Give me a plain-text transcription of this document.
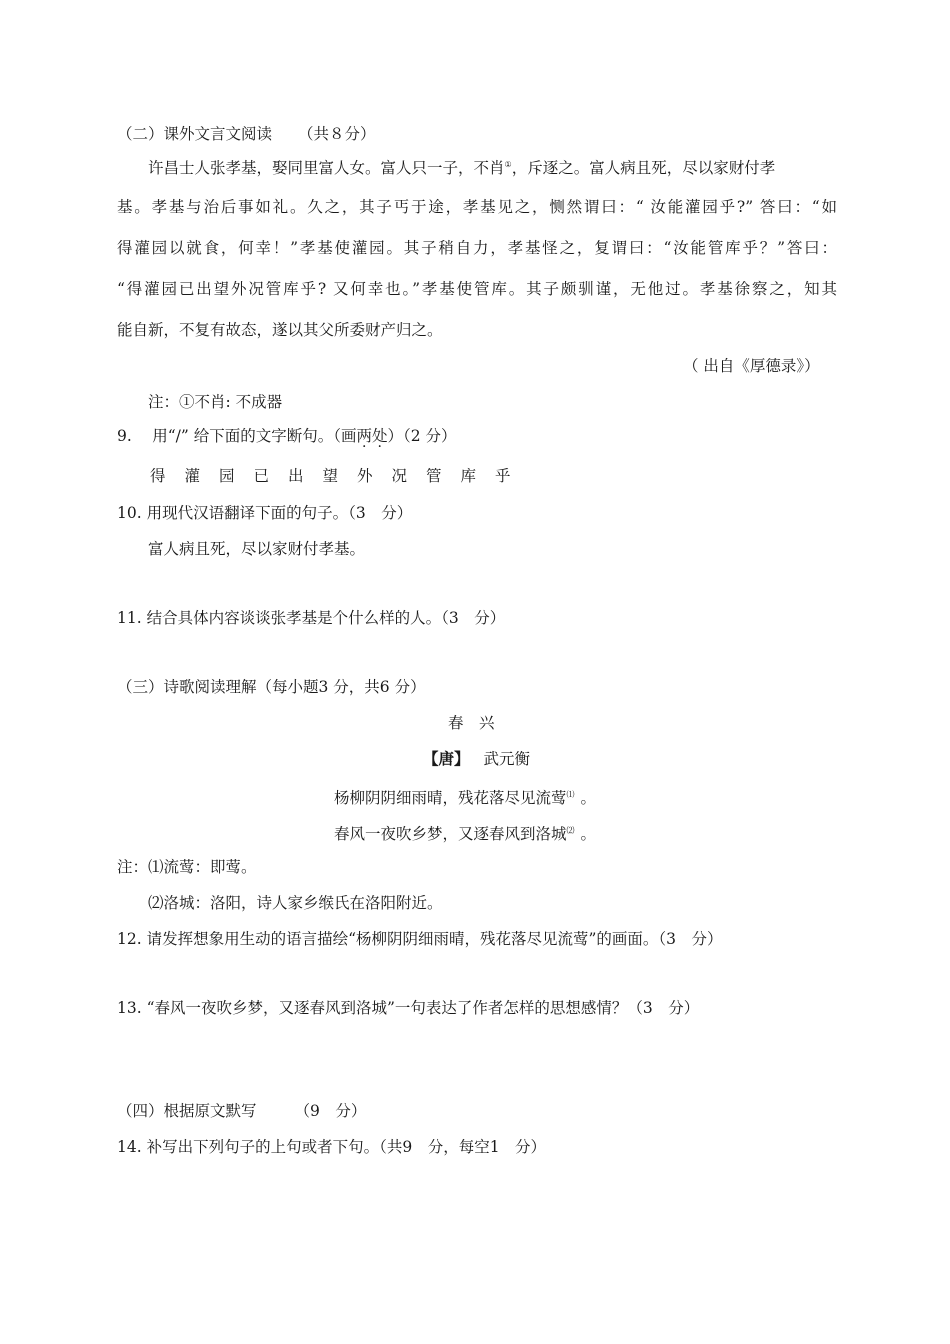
（二）课外文言文阅读 （共８分）
许昌士人张孝基，娶同里富人女。富人只一子，不肖①，斥逐之。富人病且死，尽以家财付孝
基。孝基与治后事如礼。久之，其子丐于途，孝基见之，恻然谓曰：“ 汝能灌园乎?” 答曰：“如
得灌园以就食，何幸！”孝基使灌园。其子稍自力，孝基怪之，复谓曰：“汝能管库乎？”答曰：
“得灌园已出望外况管库乎? 又何幸也。”孝基使管库。其子颇驯谨，无他过。孝基徐察之，知其
能自新，不复有故态，遂以其父所委财产归之。
（ 出自《厚德录》）
注：①不肖: 不成器
9.　 用“/” 给下面的文字断句。（画两处）（2 分）
得 灌 园 已 出 望 外 况 管 库 乎
10. 用现代汉语翻译下面的句子。（3　分）
富人病且死，尽以家财付孝基。
11. 结合具体内容谈谈张孝基是个什么样的人。（3　分）
（三）诗歌阅读理解（每小题3 分，共6 分）
春　兴
【唐】 武元衡
杨柳阴阴细雨晴，残花落尽见流莺⑴ 。
春风一夜吹乡梦，又逐春风到洛城⑵ 。
注：⑴流莺：即莺。
⑵洛城：洛阳，诗人家乡缑氏在洛阳附近。
12. 请发挥想象用生动的语言描绘“杨柳阴阴细雨晴，残花落尽见流莺”的画面。（3　分）
13. “春风一夜吹乡梦，又逐春风到洛城”一句表达了作者怎样的思想感情？（3　分）
（四）根据原文默写 （9　分）
14. 补写出下列句子的上句或者下句。（共9　分，每空1　分）
